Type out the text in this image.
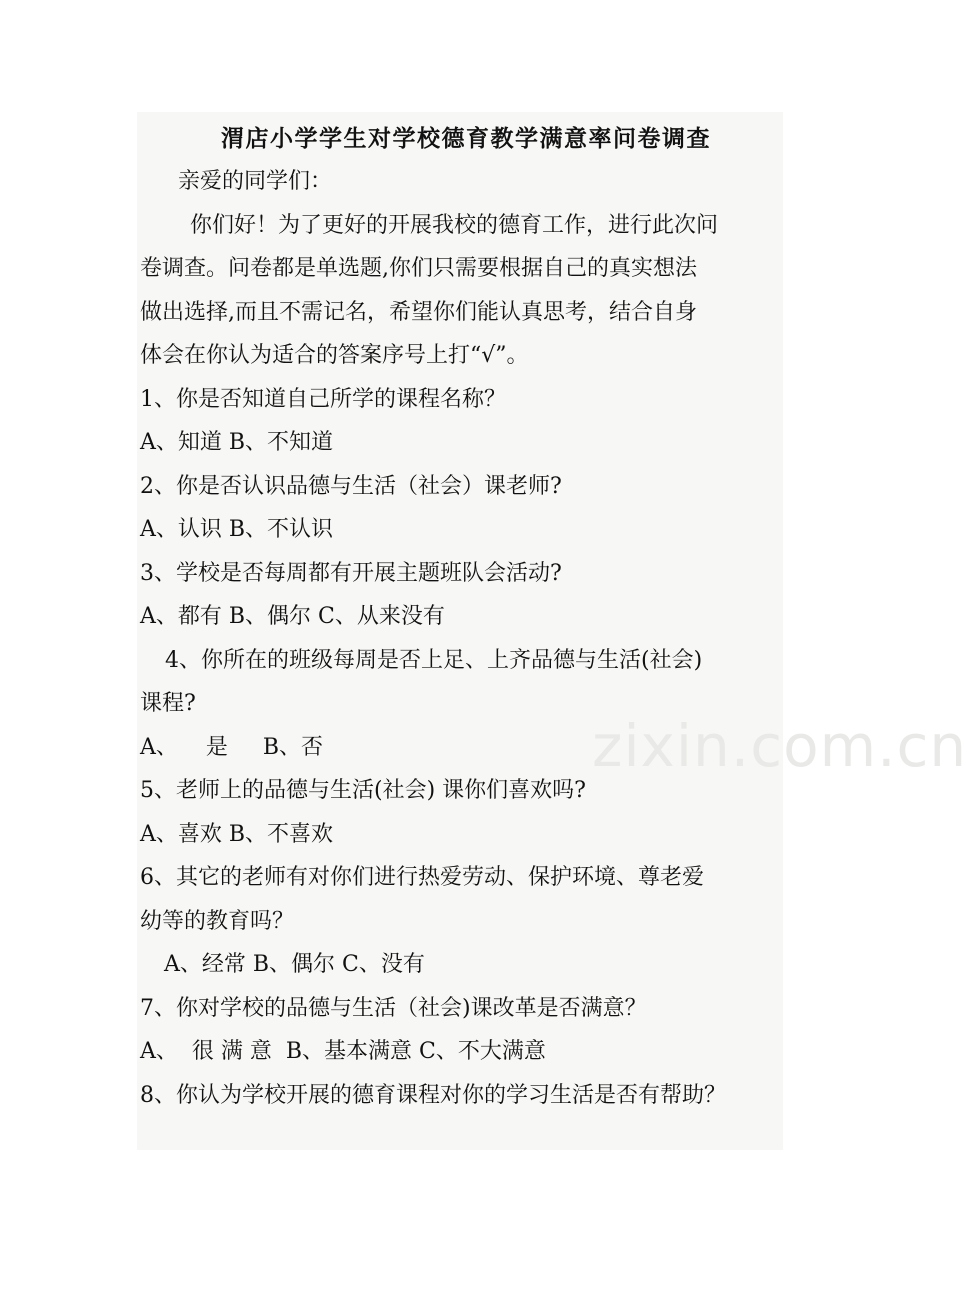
zixin.com.cn
渭店小学学生对学校德育教学满意率问卷调查
亲爱的同学们：
你们好！为了更好的开展我校的德育工作，进行此次问
卷调查。问卷都是单选题,你们只需要根据自己的真实想法
做出选择,而且不需记名，希望你们能认真思考，结合自身
体会在你认为适合的答案序号上打“√”。
1、你是否知道自己所学的课程名称？
A、知道 B、不知道
2、你是否认识品德与生活（社会）课老师?
A、认识 B、不认识
3、学校是否每周都有开展主题班队会活动?
A、都有 B、偶尔 C、从来没有
4、你所在的班级每周是否上足、上齐品德与生活(社会)
课程?
A、    是     B、否
5、老师上的品德与生活(社会) 课你们喜欢吗?
A、喜欢 B、不喜欢
6、其它的老师有对你们进行热爱劳动、保护环境、尊老爱
幼等的教育吗？
A、经常 B、偶尔 C、没有
7、你对学校的品德与生活（社会)课改革是否满意？
A、  很 满 意  B、基本满意 C、不大满意
8、你认为学校开展的德育课程对你的学习生活是否有帮助？
